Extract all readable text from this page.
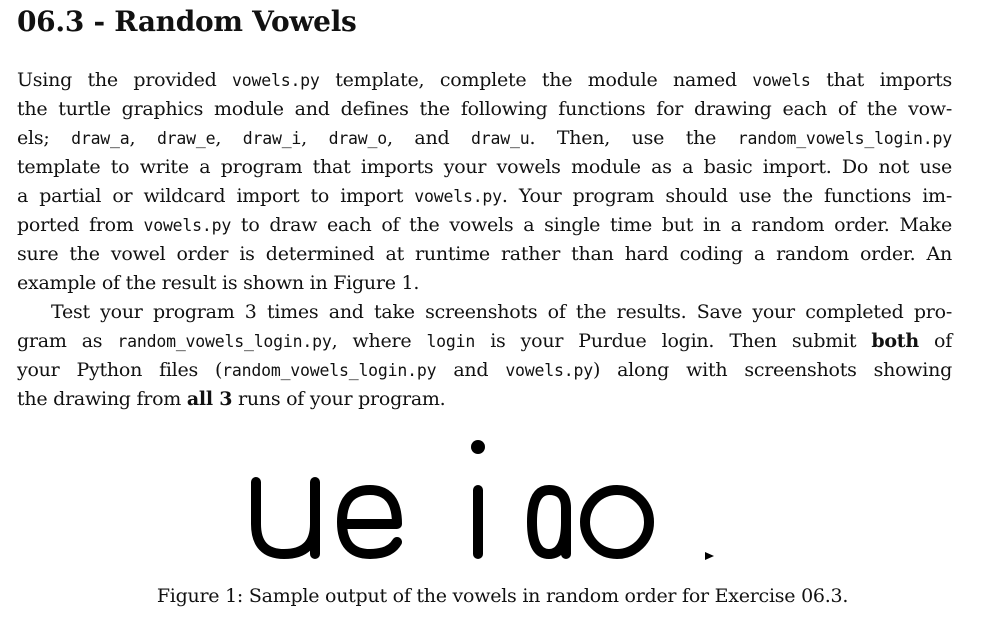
06.3 - Random Vowels
Using the provided vowels.py template, complete the module named vowels that imports
the turtle graphics module and defines the following functions for drawing each of the vow-
els; draw_a, draw_e, draw_i, draw_o, and draw_u. Then, use the random_vowels_login.py
template to write a program that imports your vowels module as a basic import. Do not use
a partial or wildcard import to import vowels.py. Your program should use the functions im-
ported from vowels.py to draw each of the vowels a single time but in a random order. Make
sure the vowel order is determined at runtime rather than hard coding a random order. An
example of the result is shown in Figure 1.
Test your program 3 times and take screenshots of the results. Save your completed pro-
gram as random_vowels_login.py, where login is your Purdue login. Then submit both of
your Python files (random_vowels_login.py and vowels.py) along with screenshots showing
the drawing from all 3 runs of your program.
Figure 1: Sample output of the vowels in random order for Exercise 06.3.
